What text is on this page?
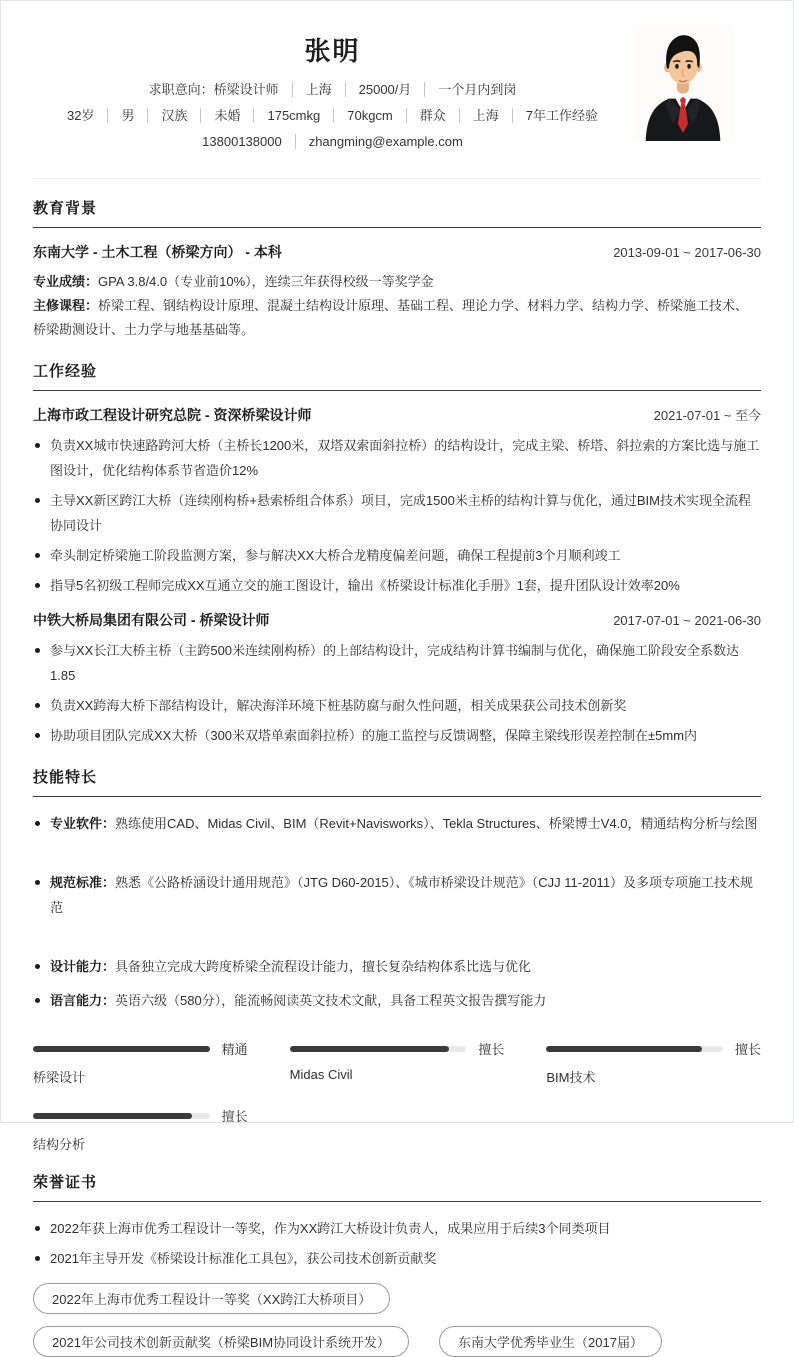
张明
求职意向：桥梁设计师	上海	25000/月	一个月内到岗
32岁	男	汉族	未婚	175cmkg	70kgcm	群众	上海	7年工作经验
13800138000	zhangming@example.com
教育背景
东南大学 - 土木工程（桥梁方向） - 本科	2013-09-01 ~ 2017-06-30
专业成绩：GPA 3.8/4.0（专业前10%），连续三年获得校级一等奖学金
主修课程：桥梁工程、钢结构设计原理、混凝土结构设计原理、基础工程、理论力学、材料力学、结构力学、桥梁施工技术、桥梁勘测设计、土力学与地基基础等。
工作经验
上海市政工程设计研究总院 - 资深桥梁设计师	2021-07-01 ~ 至今
负责XX城市快速路跨河大桥（主桥长1200米，双塔双索面斜拉桥）的结构设计，完成主梁、桥塔、斜拉索的方案比选与施工图设计，优化结构体系节省造价12%
主导XX新区跨江大桥（连续刚构桥+悬索桥组合体系）项目，完成1500米主桥的结构计算与优化，通过BIM技术实现全流程协同设计
牵头制定桥梁施工阶段监测方案，参与解决XX大桥合龙精度偏差问题，确保工程提前3个月顺利竣工
指导5名初级工程师完成XX互通立交的施工图设计，输出《桥梁设计标准化手册》1套，提升团队设计效率20%
中铁大桥局集团有限公司 - 桥梁设计师	2017-07-01 ~ 2021-06-30
参与XX长江大桥主桥（主跨500米连续刚构桥）的上部结构设计，完成结构计算书编制与优化，确保施工阶段安全系数达1.85
负责XX跨海大桥下部结构设计，解决海洋环境下桩基防腐与耐久性问题，相关成果获公司技术创新奖
协助项目团队完成XX大桥（300米双塔单索面斜拉桥）的施工监控与反馈调整，保障主梁线形误差控制在±5mm内
技能特长
专业软件：熟练使用CAD、Midas Civil、BIM（Revit+Navisworks）、Tekla Structures、桥梁博士V4.0，精通结构分析与绘图
规范标准：熟悉《公路桥涵设计通用规范》（JTG D60-2015）、《城市桥梁设计规范》（CJJ 11-2011）及多项专项施工技术规范
设计能力：具备独立完成大跨度桥梁全流程设计能力，擅长复杂结构体系比选与优化
语言能力：英语六级（580分），能流畅阅读英文技术文献，具备工程英文报告撰写能力
精通
桥梁设计
擅长
Midas Civil
擅长
BIM技术
擅长
结构分析
荣誉证书
2022年获上海市优秀工程设计一等奖，作为XX跨江大桥设计负责人，成果应用于后续3个同类项目
2021年主导开发《桥梁设计标准化工具包》，获公司技术创新贡献奖
2022年上海市优秀工程设计一等奖（XX跨江大桥项目）
2021年公司技术创新贡献奖（桥梁BIM协同设计系统开发）	东南大学优秀毕业生（2017届）
